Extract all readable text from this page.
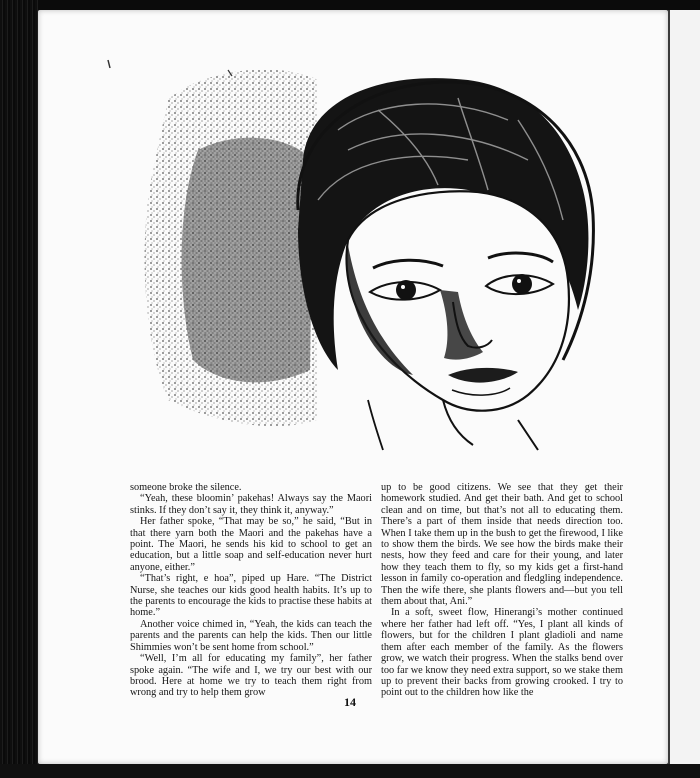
someone broke the silence.

“Yeah, these bloomin’ pakehas! Always say the Maori stinks. If they don’t say it, they think it, anyway.”

Her father spoke, “That may be so,” he said, “But in that there yarn both the Maori and the pakehas have a point. The Maori, he sends his kid to school to get an education, but a little soap and self-education never hurt anyone, either.”

“That’s right, e hoa”, piped up Hare. “The District Nurse, she teaches our kids good health habits. It’s up to the parents to encourage the kids to practise these habits at home.”

Another voice chimed in, “Yeah, the kids can teach the parents and the parents can help the kids. Then our little Shimmies won’t be sent home from school.”

“Well, I’m all for educating my family”, her father spoke again. “The wife and I, we try our best with our brood. Here at home we try to teach them right from wrong and try to help them grow

up to be good citizens. We see that they get their homework studied. And get their bath. And get to school clean and on time, but that’s not all to educating them. There’s a part of them inside that needs direction too. When I take them up in the bush to get the firewood, I like to show them the birds. We see how the birds make their nests, how they feed and care for their young, and later how they teach them to fly, so my kids get a first-hand lesson in family co-operation and fledgling independence. Then the wife there, she plants flowers and—but you tell them about that, Ani.”

In a soft, sweet flow, Hinerangi’s mother continued where her father had left off. “Yes, I plant all kinds of flowers, but for the children I plant gladioli and name them after each member of the family. As the flowers grow, we watch their progress. When the stalks bend over too far we know they need extra support, so we stake them up to prevent their backs from growing crooked. I try to point out to the children how like the

14
